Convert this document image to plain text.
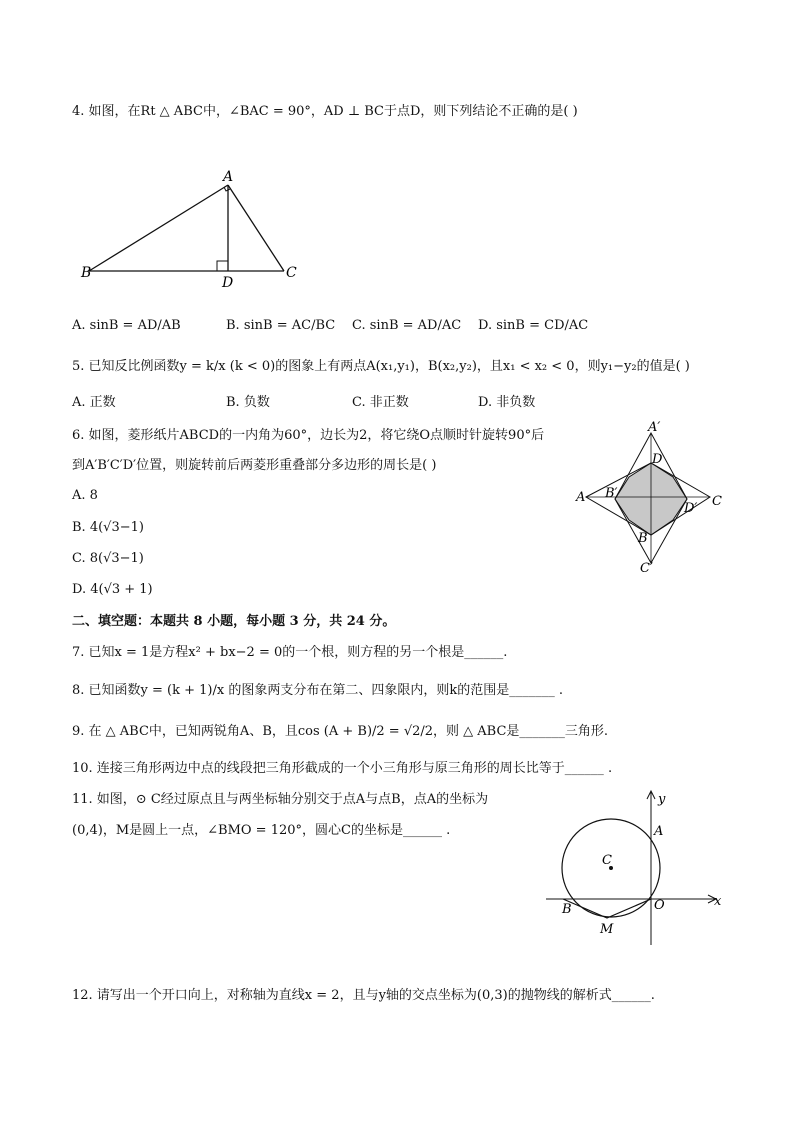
4. 如图，在Rt △ ABC中，∠BAC = 90°，AD ⊥ BC于点D，则下列结论不正确的是( )
A
B	C
D
A. sinB = AD/AB	B. sinB = AC/BC C. sinB = AD/AC D. sinB = CD/AC
5. 已知反比例函数y = k/x (k < 0)的图象上有两点A(x₁,y₁)，B(x₂,y₂)，且x₁ < x₂ < 0，则y₁−y₂的值是( )
A. 正数	B. 负数	C. 非正数	D. 非负数
6. 如图，菱形纸片ABCD的一内角为60°，边长为2，将它绕O点顺时针旋转90°后
到A′B′C′D′位置，则旋转前后两菱形重叠部分多边形的周长是( )
A. 8
B. 4(√3−1)
C. 8(√3−1)
D. 4(√3 + 1)
A′
D
A B′
C
D′
B
C′
二、填空题：本题共 8 小题，每小题 3 分，共 24 分。
7. 已知x = 1是方程x² + bx−2 = 0的一个根，则方程的另一个根是______.
8. 已知函数y = (k + 1)/x 的图象两支分布在第二、四象限内，则k的范围是_______ .
9. 在 △ ABC中，已知两锐角A、B，且cos (A + B)/2 = √2/2，则 △ ABC是_______三角形.
10. 连接三角形两边中点的线段把三角形截成的一个小三角形与原三角形的周长比等于______ .
11. 如图，⊙ C经过原点且与两坐标轴分别交于点A与点B，点A的坐标为
(0,4)，M是圆上一点，∠BMO = 120°，圆心C的坐标是______ .
y
x
A
C
O
B
M
12. 请写出一个开口向上，对称轴为直线x = 2，且与y轴的交点坐标为(0,3)的抛物线的解析式______.
